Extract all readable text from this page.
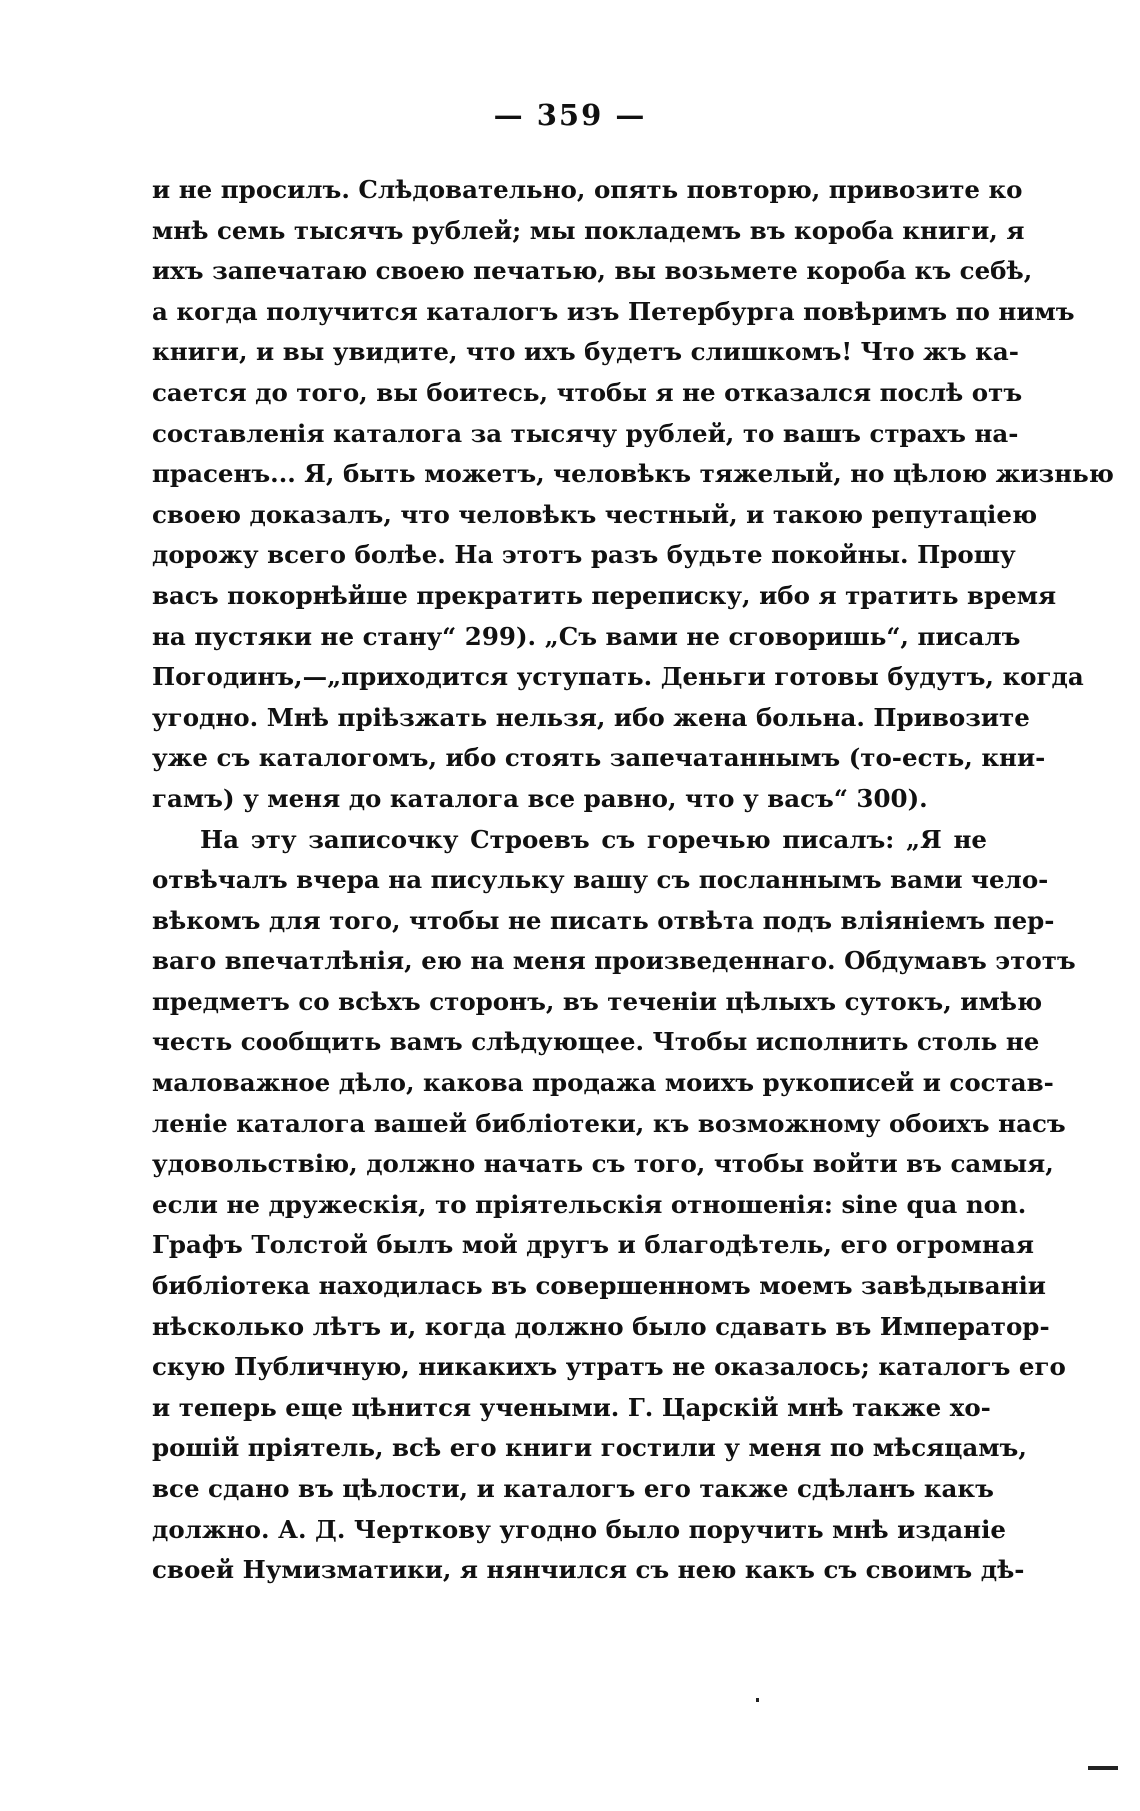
— 359 —
и не просилъ. Слѣдовательно, опять повторю, привозите ко
мнѣ семь тысячъ рублей; мы покладемъ въ короба книги, я
ихъ запечатаю своею печатью, вы возьмете короба къ себѣ,
а когда получится каталогъ изъ Петербурга повѣримъ по нимъ
книги, и вы увидите, что ихъ будетъ слишкомъ! Что жъ ка-
сается до того, вы боитесь, чтобы я не отказался послѣ отъ
составленія каталога за тысячу рублей, то вашъ страхъ на-
прасенъ... Я, быть можетъ, человѣкъ тяжелый, но цѣлою жизнью
своею доказалъ, что человѣкъ честный, и такою репутаціею
дорожу всего болѣе. На этотъ разъ будьте покойны. Прошу
васъ покорнѣйше прекратить переписку, ибо я тратить время
на пустяки не стану“ 299). „Съ вами не сговоришь“, писалъ
Погодинъ,—„приходится уступать. Деньги готовы будутъ, когда
угодно. Мнѣ пріѣзжать нельзя, ибо жена больна. Привозите
уже съ каталогомъ, ибо стоять запечатаннымъ (то-есть, кни-
гамъ) у меня до каталога все равно, что у васъ“ 300).
На эту записочку Строевъ съ горечью писалъ: „Я не
отвѣчалъ вчера на писульку вашу съ посланнымъ вами чело-
вѣкомъ для того, чтобы не писать отвѣта подъ вліяніемъ пер-
ваго впечатлѣнія, ею на меня произведеннаго. Обдумавъ этотъ
предметъ со всѣхъ сторонъ, въ теченіи цѣлыхъ сутокъ, имѣю
честь сообщить вамъ слѣдующее. Чтобы исполнить столь не
маловажное дѣло, какова продажа моихъ рукописей и состав-
леніе каталога вашей библіотеки, къ возможному обоихъ насъ
удовольствію, должно начать съ того, чтобы войти въ самыя,
если не дружескія, то пріятельскія отношенія: sine qua non.
Графъ Толстой былъ мой другъ и благодѣтель, его огромная
библіотека находилась въ совершенномъ моемъ завѣдываніи
нѣсколько лѣтъ и, когда должно было сдавать въ Император-
скую Публичную, никакихъ утратъ не оказалось; каталогъ его
и теперь еще цѣнится учеными. Г. Царскій мнѣ также хо-
рошій пріятель, всѣ его книги гостили у меня по мѣсяцамъ,
все сдано въ цѣлости, и каталогъ его также сдѣланъ какъ
должно. А. Д. Черткову угодно было поручить мнѣ изданіе
своей Нумизматики, я нянчился съ нею какъ съ своимъ дѣ-
